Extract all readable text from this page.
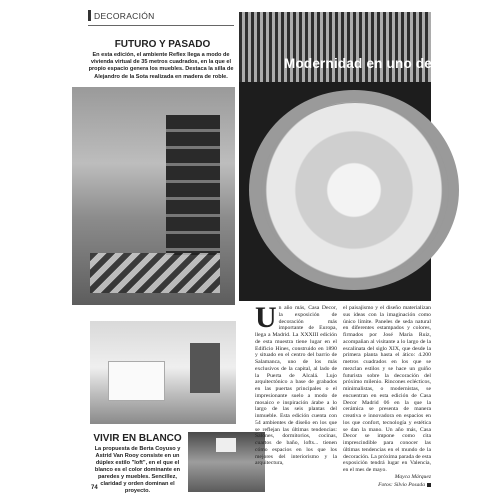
DECORACIÓN
FUTURO Y PASADO
En esta edición, el ambiente Reflex llega a modo de vivienda virtual de 35 metros cuadrados, en la que el propio espacio genera los muebles. Destaca la silla de Alejandro de la Sota realizada en madera de roble.
Modernidad en uno de los
VIVIR EN BLANCO
La propuesta de Berta Coyuso y Astrid Van Rooy consiste en un dúplex estilo "loft", en el que el blanco es el color dominante en paredes y muebles. Sencillez, claridad y orden dominan el proyecto.
Un año más, Casa Decor, la exposición de decoración más importante de Europa, llega a Madrid. La XXXIII edición de esta muestra tiene lugar en el Edificio Hines, construido en 1890 y situado en el centro del barrio de Salamanca, uno de los más exclusivos de la capital, al lado de la Puerta de Alcalá. Lujo arquitectónico a base de grabados en las puertas principales o el impresionante suelo a modo de mosaico e inspiración árabe a lo largo de las seis plantas del inmueble. Esta edición cuenta con 54 ambientes de diseño en los que se reflejan las últimas tendencias: Salones, dormitorios, cocinas, cuartos de baño, lofts... tienen cómo espacios en los que los mejores del interiorismo y la arquitectura,
el paisajismo y el diseño materializan sus ideas con la imaginación como único límite. Paneles de seda natural en diferentes estampados y colores, firmados por José María Ruiz, acompañan al visitante a lo largo de la escalinata del siglo XIX, que desde la primera planta hasta el ático: 4.200 metros cuadrados en los que se mezclan estilos y se hace un guiño futurista sobre la decoración del próximo milenio. Rincones eclécticos, minimalistas, o modernistas, se encuentran en esta edición de Casa Decor Madrid 06 en la que la cerámica se presenta de manera creativa e innovadora en espacios en los que confort, tecnología y estética se dan la mano. Un año más, Casa Decor se impone como cita imprescindible para conocer las últimas tendencias en el mundo de la decoración. La próxima parada de esta exposición tendrá lugar en Valencia, en el mes de mayo.
Mayca Márquez
Fotos: Silvio Posada
74
